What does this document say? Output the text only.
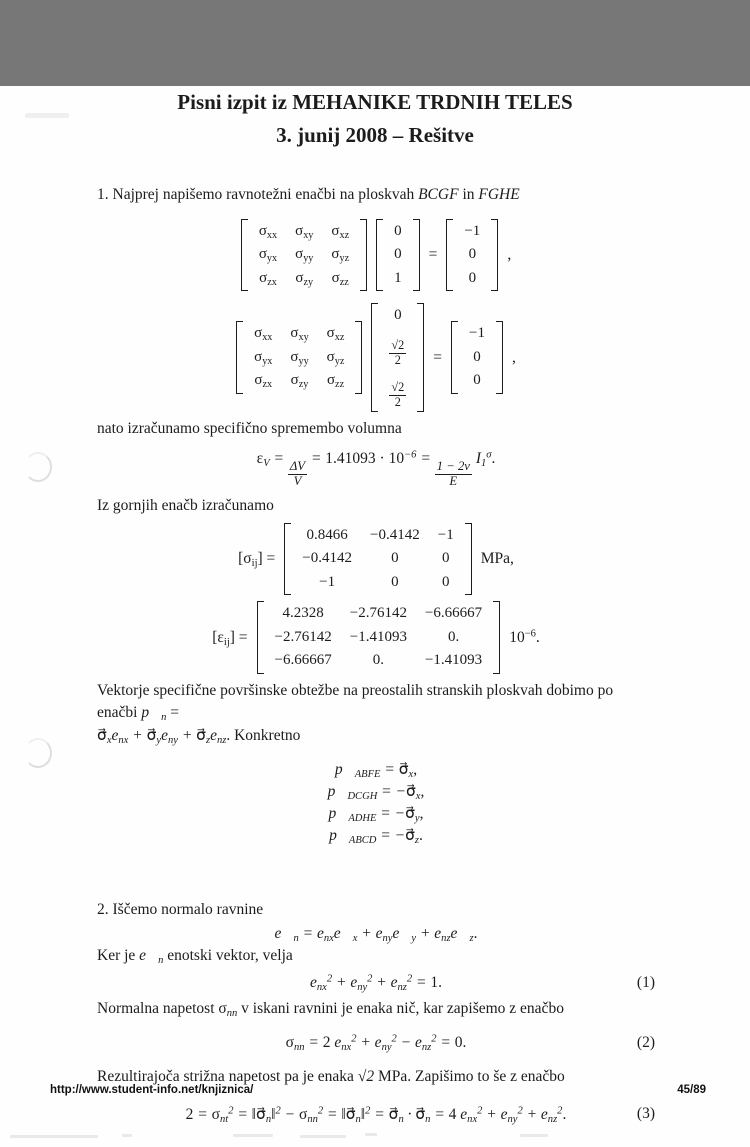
Pisni izpit iz MEHANIKE TRDNIH TELES
3. junij 2008 – Rešitve

1. Najprej napišemo ravnotežni enačbi na ploskvah BCGF in FGHE

$\sigma_{xx}$	$\sigma_{xy}$	$\sigma_{xz}$
$\sigma_{yx}$	$\sigma_{yy}$	$\sigma_{yz}$
$\sigma_{zx}$	$\sigma_{zy}$	$\sigma_{zz}$
0
0
1
=
−1
0
0
,
$\sigma_{xx}$	$\sigma_{xy}$	$\sigma_{xz}$
$\sigma_{yx}$	$\sigma_{yy}$	$\sigma_{yz}$
$\sigma_{zx}$	$\sigma_{zy}$	$\sigma_{zz}$
0

$\frac{√2}{2}$

$\frac{√2}{2}$
=
−1
0
0
,

nato izračunamo specifično spremembo volumna

$\varepsilon_V$ =
$\frac{\Delta V}{V}$
= $1.41093 \cdot 10^{-6}$ =
$\frac{1 - 2\nu}{E}$
$I_1^\sigma$.

Iz gornjih enačb izračunamo

$[\sigma_{ij}]$ =
0.8466	−0.4142	−1
−0.4142	0	0
−1	0	0
MPa,
$[\varepsilon_{ij}]$ =
4.2328	−2.76142	−6.66667
−2.76142	−1.41093	0.
−6.66667	0.	−1.41093
$10^{-6}$.

Vektorje specifične površinske obtežbe na preostalih stranskih ploskvah dobimo po enačbi $p⃗_n$ =

$\sigma⃗_xe_{nx}$ + $\sigma⃗_ye_{ny}$ + $\sigma⃗_ze_{nz}$. Konkretno

$p⃗_{ABFE}$ = $\sigma⃗_x$,
$p⃗_{DCGH}$ = $-\sigma⃗_x$,
$p⃗_{ADHE}$ = $-\sigma⃗_y$,
$p⃗_{ABCD}$ = $-\sigma⃗_z$.

2. Iščemo normalo ravnine

$e⃗_n$ = $e_{nx}e⃗_x$ + $e_{ny}e⃗_y$ + $e_{nz}e⃗_z$.

Ker je $e⃗_n$ enotski vektor, velja

$e_{nx}^2 + e_{ny}^2 + e_{nz}^2 = 1$.	(1)

Normalna napetost $\sigma_{nn}$ v iskani ravnini je enaka nič, kar zapišemo z enačbo

$\sigma_{nn} = 2$ $e_{nx}^2 + e_{ny}^2 - e_{nz}^2 = 0$.	(2)

Rezultirajoča strižna napetost pa je enaka √2 MPa. Zapišimo to še z enačbo

$2 = \sigma_{nt}^2$ = $‖\sigma⃗_n‖^2 - \sigma_{nn}^2$ = $‖\sigma⃗_n‖^2$ = $\sigma⃗_n$ · $\sigma⃗_n = 4$ $e_{nx}^2 + e_{ny}^2 + e_{nz}^2$.	(3)
http://www.student-info.net/knjiznica/	45/89
